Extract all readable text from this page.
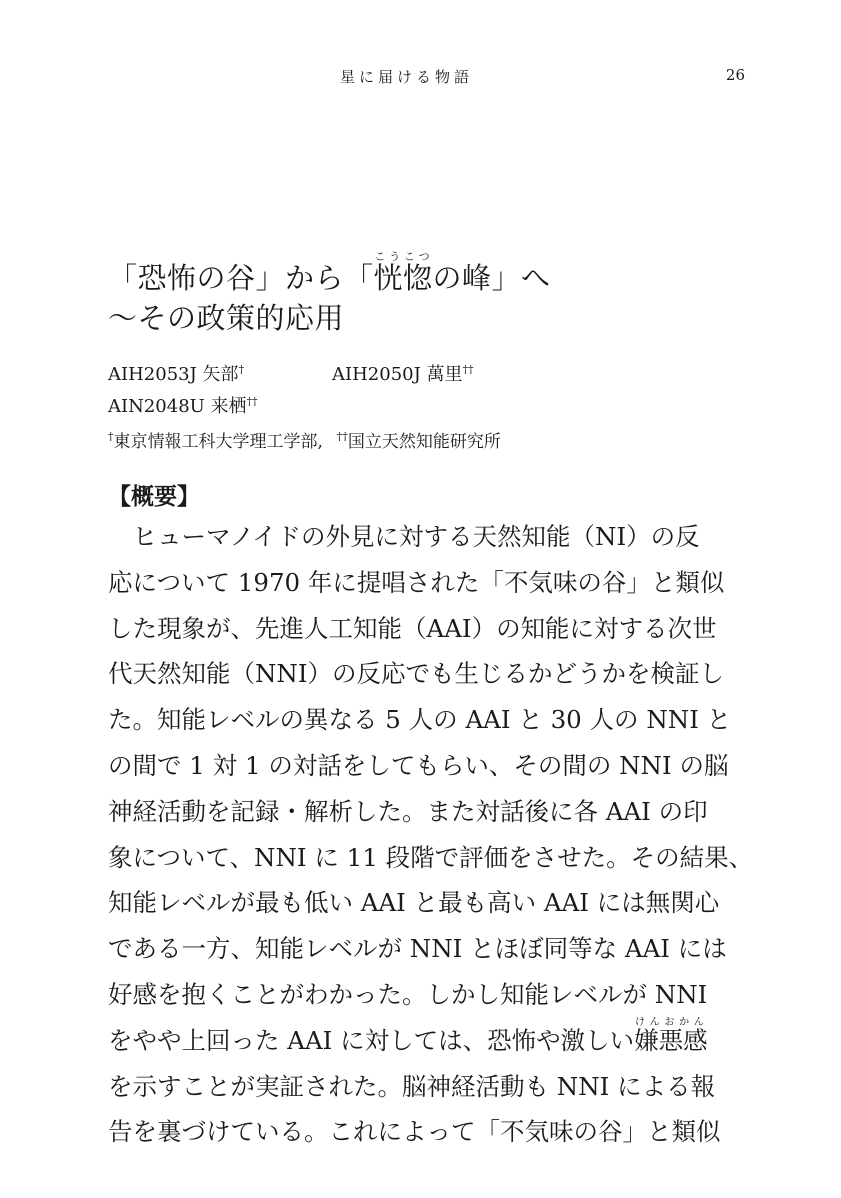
星に届ける物語	26
「恐怖の谷」から「恍惚こうこつの峰」へ
〜その政策的応用
AIH2053J 矢部†	AIH2050J 萬里††
AIN2048U 来栖††
†東京情報工科大学理工学部, ††国立天然知能研究所
【概要】
　ヒューマノイドの外見に対する天然知能（NI）の反
応について 1970 年に提唱された「不気味の谷」と類似
した現象が、先進人工知能（AAI）の知能に対する次世
代天然知能（NNI）の反応でも生じるかどうかを検証し
た。知能レベルの異なる 5 人の AAI と 30 人の NNI と
の間で 1 対 1 の対話をしてもらい、その間の NNI の脳
神経活動を記録・解析した。また対話後に各 AAI の印
象について、NNI に 11 段階で評価をさせた。その結果、
知能レベルが最も低い AAI と最も高い AAI には無関心
である一方、知能レベルが NNI とほぼ同等な AAI には
好感を抱くことがわかった。しかし知能レベルが NNI
をやや上回った AAI に対しては、恐怖や激しい嫌悪感けんおかん
を示すことが実証された。脳神経活動も NNI による報
告を裏づけている。これによって「不気味の谷」と類似
